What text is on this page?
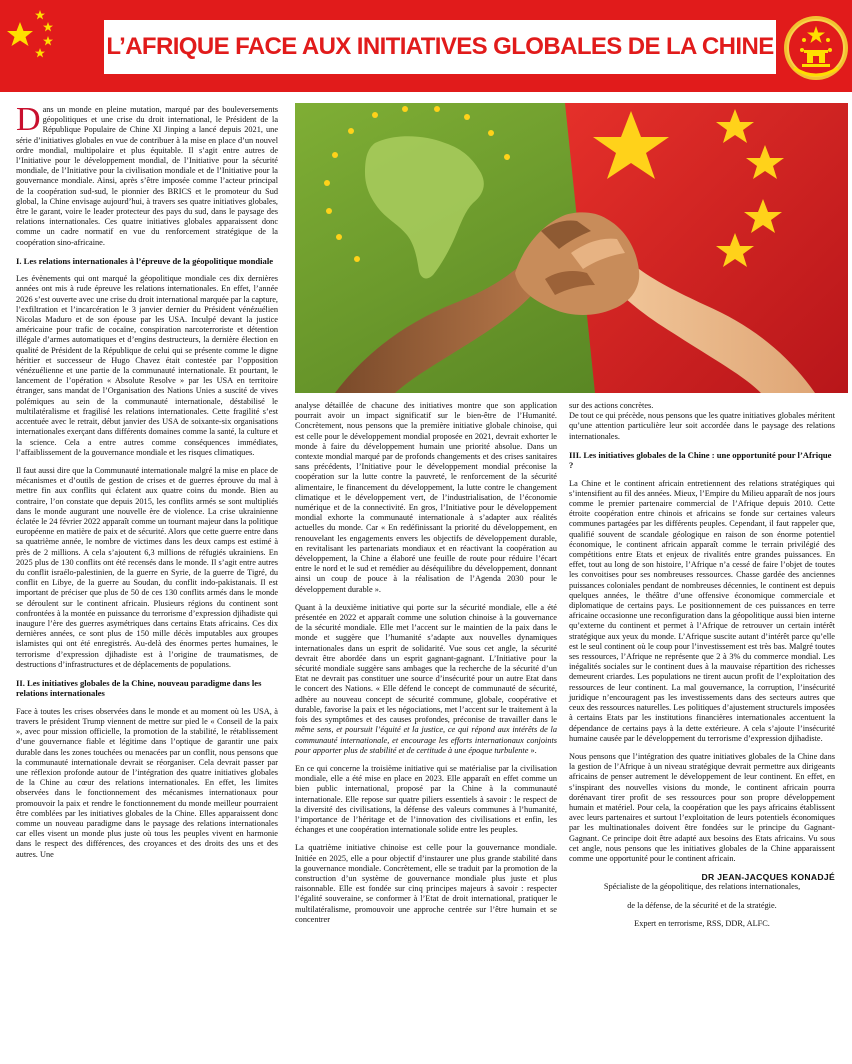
L’AFRIQUE FACE AUX INITIATIVES GLOBALES DE LA CHINE

Dans un monde en pleine mutation, marqué par des bouleversements géopolitiques et une crise du droit international, le Président de la République Populaire de Chine XI Jinping a lancé depuis 2021, une série d’initiatives globales en vue de contribuer à la mise en place d’un nouvel ordre mondial, multipolaire et plus équitable. Il s’agit entre autres de l’Initiative pour le développement mondial, de l’Initiative pour la sécurité mondiale, de l’Initiative pour la civilisation mondiale et de l’Initiative pour la gouvernance mondiale. Ainsi, après s’être imposée comme l’acteur principal de la coopération sud-sud, le pionnier des BRICS et le promoteur du Sud global, la Chine envisage aujourd’hui, à travers ses quatre initiatives globales, être le garant, voire le leader protecteur des pays du sud, dans le paysage des relations internationales. Ces quatre initiatives globales apparaissent donc comme un cadre normatif en vue du renforcement stratégique de la coopération sino-africaine.

I. Les relations internationales à l’épreuve de la géopolitique mondiale

Les évènements qui ont marqué la géopolitique mondiale ces dix dernières années ont mis à rude épreuve les relations internationales. En effet, l’année 2026 s’est ouverte avec une crise du droit international marquée par la capture, l’exfiltration et l’incarcération le 3 janvier dernier du Président vénézuélien Nicolas Maduro et de son épouse par les USA. Inculpé devant la justice américaine pour trafic de cocaïne, conspiration narcoterroriste et détention illégale d’armes automatiques et d’engins destructeurs, la dernière élection en qualité de Président de la République de celui qui se présente comme le digne héritier et successeur de Hugo Chavez était contestée par l’opposition vénézuélienne et une partie de la communauté internationale. Et pourtant, le lancement de l’opération « Absolute Resolve » par les USA en territoire étranger, sans mandat de l’Organisation des Nations Unies a suscité de vives polémiques au sein de la communauté internationale, déstabilisé le multilatéralisme et fragilisé les relations internationales. Cette fragilité s’est accentuée avec le retrait, début janvier des USA de soixante-six organisations internationales exerçant dans différents domaines comme la santé, la culture et la science. Cela a entre autres comme conséquences immédiates, l’affaiblissement de la gouvernance mondiale et les risques climatiques.

Il faut aussi dire que la Communauté internationale malgré la mise en place de mécanismes et d’outils de gestion de crises et de guerres éprouve du mal à mettre fin aux conflits qui éclatent aux quatre coins du monde. Bien au contraire, l’on constate que depuis 2015, les conflits armés se sont multipliés dans le monde augurant une nouvelle ère de violence. La crise ukrainienne éclatée le 24 février 2022 apparaît comme un tournant majeur dans la politique européenne en matière de paix et de sécurité. Alors que cette guerre entre dans sa quatrième année, le nombre de victimes dans les deux camps est estimé à près de 2 millions. A cela s’ajoutent 6,3 millions de réfugiés ukrainiens. En 2025 plus de 130 conflits ont été recensés dans le monde. Il s’agit entre autres du conflit israélo-palestinien, de la guerre en Syrie, de la guerre de Tigré, du conflit en Libye, de la guerre au Soudan, du conflit indo-pakistanais. Il est important de préciser que plus de 50 de ces 130 conflits armés dans le monde se déroulent sur le continent africain. Plusieurs régions du continent sont confrontées à la montée en puissance du terrorisme d’expression djihadiste qui inaugure l’ère des guerres asymétriques dans certains Etats africains. Ces dix dernières années, ce sont plus de 150 mille décès imputables aux groupes islamistes qui ont été enregistrés. Au-delà des énormes pertes humaines, le terrorisme d’expression djihadiste est à l’origine de traumatismes, de destructions d’infrastructures et de déplacements de populations.

II. Les initiatives globales de la Chine, nouveau paradigme dans les relations internationales

Face à toutes les crises observées dans le monde et au moment où les USA, à travers le président Trump viennent de mettre sur pied le « Conseil de la paix », avec pour mission officielle, la promotion de la stabilité, le rétablissement d’une gouvernance fiable et légitime dans l’optique de garantir une paix durable dans les zones touchées ou menacées par un conflit, nous pensons que la communauté internationale devrait se réorganiser. Cela devrait passer par une réflexion profonde autour de l’intégration des quatre initiatives globales de la Chine au cœur des relations internationales. En effet, les limites observées dans le fonctionnement des mécanismes internationaux pour promouvoir la paix et rendre le fonctionnement du monde meilleur pourraient être comblées par les initiatives globales de la Chine. Elles apparaissent donc comme un nouveau paradigme dans le paysage des relations internationales car elles visent un monde plus juste où tous les peuples vivent en harmonie dans le respect des différences, des croyances et des droits des uns et des autres. Une

analyse détaillée de chacune des initiatives montre que son application pourrait avoir un impact significatif sur le bien-être de l’Humanité. Concrètement, nous pensons que la première initiative globale chinoise, qui est celle pour le développement mondial proposée en 2021, devrait exhorter le monde à faire du développement humain une priorité absolue. Dans un contexte mondial marqué par de profonds changements et des crises sanitaires sans précédents, l’Initiative pour le développement mondial préconise la coopération sur la lutte contre la pauvreté, le renforcement de la sécurité alimentaire, le financement du développement, la lutte contre le changement climatique et le développement vert, de l’industrialisation, de l’économie numérique et de la connectivité. En gros, l’Initiative pour le développement mondial exhorte la communauté internationale à s’adapter aux réalités actuelles du monde. Car « En redéfinissant la priorité du développement, en renouvelant les engagements envers les objectifs de développement durable, en revitalisant les partenariats mondiaux et en réactivant la coopération au développement, la Chine a élaboré une feuille de route pour réduire l’écart entre le nord et le sud et remédier au déséquilibre du développement, donnant ainsi un coup de pouce à la réalisation de l’Agenda 2030 pour le développement durable ».

Quant à la deuxième initiative qui porte sur la sécurité mondiale, elle a été présentée en 2022 et apparaît comme une solution chinoise à la gouvernance de la sécurité mondiale. Elle met l’accent sur le maintien de la paix dans le monde et suggère que l’humanité s’adapte aux nouvelles dynamiques internationales dans un esprit de solidarité. Vue sous cet angle, la sécurité devrait être abordée dans un esprit gagnant-gagnant. L’Initiative pour la sécurité mondiale suggère sans ambages que la recherche de la sécurité d’un Etat ne devrait pas constituer une source d’insécurité pour un autre Etat dans le concert des Nations. « Elle défend le concept de communauté de sécurité, adhère au nouveau concept de sécurité commune, globale, coopérative et durable, favorise la paix et les négociations, met l’accent sur le traitement à la fois des symptômes et des causes profondes, préconise de travailler dans le même sens, et poursuit l’équité et la justice, ce qui répond aux intérêts de la communauté internationale, et encourage les efforts internationaux conjoints pour apporter plus de stabilité et de certitude à une époque turbulente ».

En ce qui concerne la troisième initiative qui se matérialise par la civilisation mondiale, elle a été mise en place en 2023. Elle apparaît en effet comme un bien public international, proposé par la Chine à la communauté internationale. Elle repose sur quatre piliers essentiels à savoir : le respect de la diversité des civilisations, la défense des valeurs communes à l’humanité, l’importance de l’héritage et de l’innovation des civilisations et enfin, les échanges et une coopération internationale solide entre les peuples.

La quatrième initiative chinoise est celle pour la gouvernance mondiale. Initiée en 2025, elle a pour objectif d’instaurer une plus grande stabilité dans la gouvernance mondiale. Concrètement, elle se traduit par la promotion de la construction d’un système de gouvernance mondiale plus juste et plus raisonnable. Elle est fondée sur cinq principes majeurs à savoir : respecter l’égalité souveraine, se conformer à l’Etat de droit international, pratiquer le multilatéralisme, promouvoir une approche centrée sur l’être humain et se concentrer

sur des actions concrètes.

De tout ce qui précède, nous pensons que les quatre initiatives globales méritent qu’une attention particulière leur soit accordée dans le paysage des relations internationales.

III. Les initiatives globales de la Chine : une opportunité pour l’Afrique ?

La Chine et le continent africain entretiennent des relations stratégiques qui s’intensifient au fil des années. Mieux, l’Empire du Milieu apparaît de nos jours comme le premier partenaire commercial de l’Afrique depuis 2010. Cette étroite coopération entre chinois et africains se fonde sur certaines valeurs communes partagées par les différents peuples. Cependant, il faut rappeler que, qualifié souvent de scandale géologique en raison de son énorme potentiel économique, le continent africain apparaît comme le terrain privilégié des compétitions entre Etats et enjeux de rivalités entre grandes puissances. En effet, tout au long de son histoire, l’Afrique n’a cessé de faire l’objet de toutes les convoitises pour ses nombreuses ressources. Chasse gardée des anciennes puissances coloniales pendant de nombreuses décennies, le continent est depuis quelques années, le théâtre d’une offensive économique commerciale et diplomatique de certains pays. Le positionnement de ces puissances en terre africaine occasionne une reconfiguration dans la géopolitique aussi bien interne qu’externe du continent et permet à l’Afrique de retrouver un certain intérêt stratégique aux yeux du monde. L’Afrique suscite autant d’intérêt parce qu’elle est le seul continent où le coup pour l’investissement est très bas. Malgré toutes ses ressources, l’Afrique ne représente que 2 à 3% du commerce mondial. Les inégalités sociales sur le continent dues à la mauvaise répartition des richesses demeurent criardes. Les populations ne tirent aucun profit de l’exploitation des ressources de leur continent. La mal gouvernance, la corruption, l’insécurité juridique n’encouragent pas les investissements dans des secteurs autres que ceux des ressources naturelles. Les politiques d’ajustement structurels imposées à certains Etats par les institutions financières internationales accentuent la dépendance de certains pays à la dette extérieure. A cela s’ajoute l’insécurité humaine causée par le développement du terrorisme d’expression djihadiste.

Nous pensons que l’intégration des quatre initiatives globales de la Chine dans la gestion de l’Afrique à un niveau stratégique devrait permettre aux dirigeants africains de penser autrement le développement de leur continent. En effet, en s’inspirant des nouvelles visions du monde, le continent africain pourra dorénavant tirer profit de ses ressources pour son propre développement humain et matériel. Pour cela, la coopération que les pays africains établissent avec leurs partenaires et surtout l’exploitation de leurs potentiels économiques par les multinationales doivent être fondées sur le principe du Gagnant-Gagnant. Ce principe doit être adapté aux besoins des Etats africains. Vu sous cet angle, nous pensons que les initiatives globales de la Chine apparaissent comme une opportunité pour le continent africain.

DR JEAN-JACQUES KONADJÉ

Spécialiste de la géopolitique, des relations internationales,

de la défense, de la sécurité et de la stratégie.

Expert en terrorisme, RSS, DDR, ALFC.
